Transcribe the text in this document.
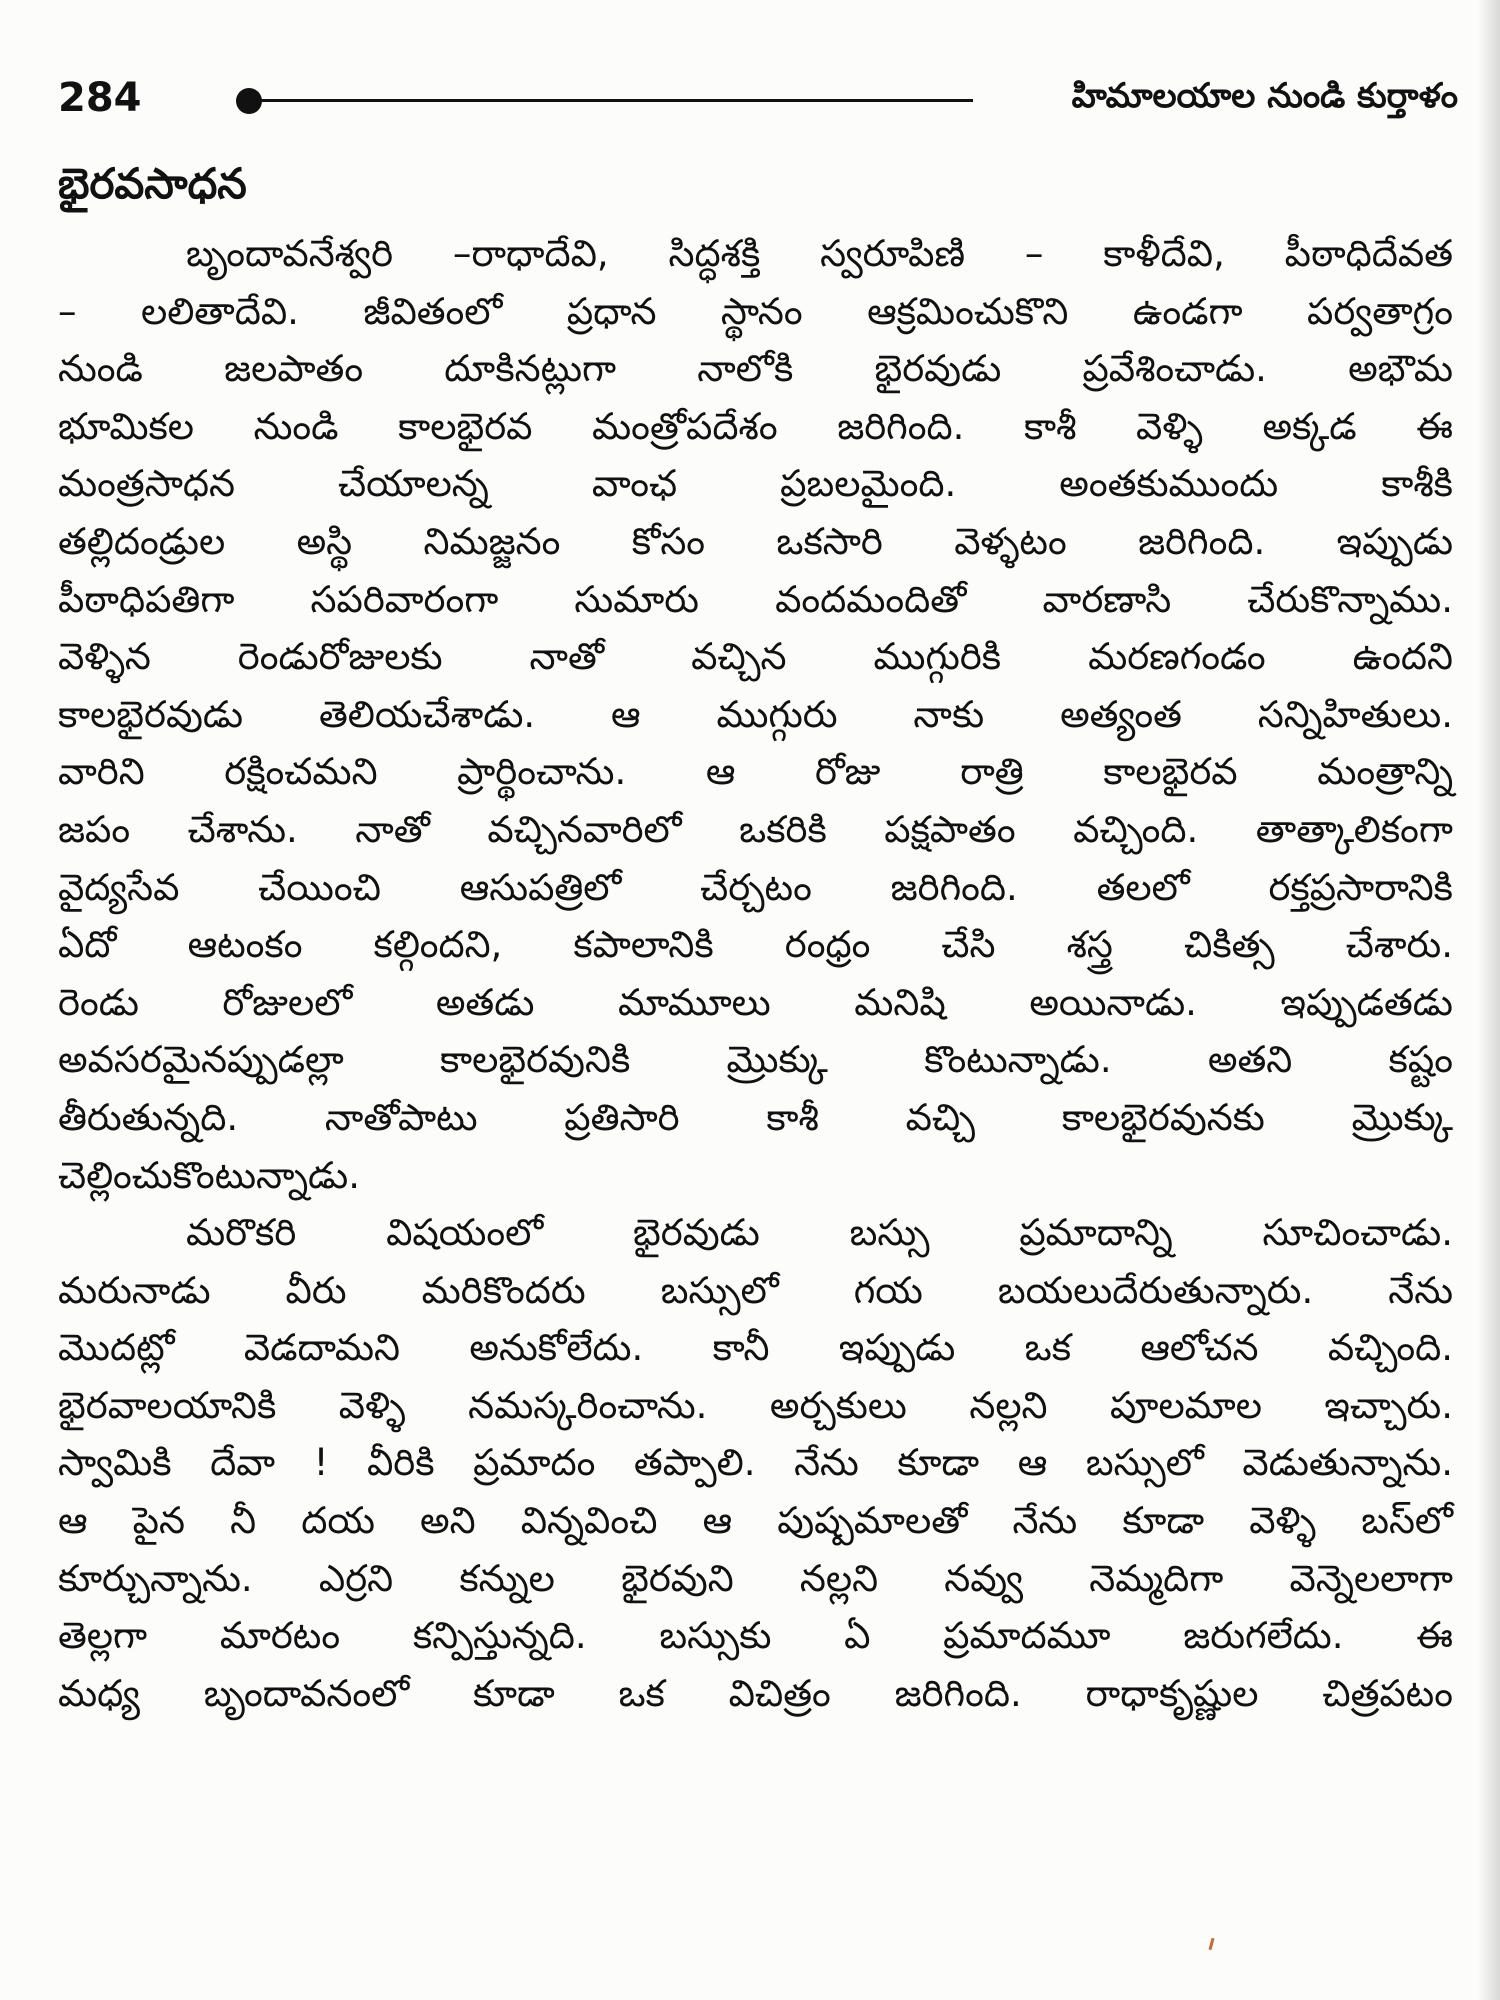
284	హిమాలయాల నుండి కుర్తాళం
భైరవసాధన
బృందావనేశ్వరి –రాధాదేవి, సిద్ధశక్తి స్వరూపిణి – కాళీదేవి, పీఠాధిదేవత
– లలితాదేవి. జీవితంలో ప్రధాన స్థానం ఆక్రమించుకొని ఉండగా పర్వతాగ్రం
నుండి జలపాతం దూకినట్లుగా నాలోకి భైరవుడు ప్రవేశించాడు. అభౌమ
భూమికల నుండి కాలభైరవ మంత్రోపదేశం జరిగింది. కాశీ వెళ్ళి అక్కడ ఈ
మంత్రసాధన చేయాలన్న వాంఛ ప్రబలమైంది. అంతకుముందు కాశీకి
తల్లిదండ్రుల అస్థి నిమజ్జనం కోసం ఒకసారి వెళ్ళటం జరిగింది. ఇప్పుడు
పీఠాధిపతిగా సపరివారంగా సుమారు వందమందితో వారణాసి చేరుకొన్నాము.
వెళ్ళిన రెండురోజులకు నాతో వచ్చిన ముగ్గురికి మరణగండం ఉందని
కాలభైరవుడు తెలియచేశాడు. ఆ ముగ్గురు నాకు అత్యంత సన్నిహితులు.
వారిని రక్షించమని ప్రార్థించాను. ఆ రోజు రాత్రి కాలభైరవ మంత్రాన్ని
జపం చేశాను. నాతో వచ్చినవారిలో ఒకరికి పక్షపాతం వచ్చింది. తాత్కాలికంగా
వైద్యసేవ చేయించి ఆసుపత్రిలో చేర్చటం జరిగింది. తలలో రక్తప్రసారానికి
ఏదో ఆటంకం కల్గిందని, కపాలానికి రంధ్రం చేసి శస్త్ర చికిత్స చేశారు.
రెండు రోజులలో అతడు మామూలు మనిషి అయినాడు. ఇప్పుడతడు
అవసరమైనప్పుడల్లా కాలభైరవునికి మ్రొక్కు కొంటున్నాడు. అతని కష్టం
తీరుతున్నది. నాతోపాటు ప్రతిసారి కాశీ వచ్చి కాలభైరవునకు మ్రొక్కు
చెల్లించుకొంటున్నాడు.
మరొకరి విషయంలో భైరవుడు బస్సు ప్రమాదాన్ని సూచించాడు.
మరునాడు వీరు మరికొందరు బస్సులో గయ బయలుదేరుతున్నారు. నేను
మొదట్లో వెడదామని అనుకోలేదు. కానీ ఇప్పుడు ఒక ఆలోచన వచ్చింది.
భైరవాలయానికి వెళ్ళి నమస్కరించాను. అర్చకులు నల్లని పూలమాల ఇచ్చారు.
స్వామికి దేవా ! వీరికి ప్రమాదం తప్పాలి. నేను కూడా ఆ బస్సులో వెడుతున్నాను.
ఆ పైన నీ దయ అని విన్నవించి ఆ పుష్పమాలతో నేను కూడా వెళ్ళి బస్‌లో
కూర్చున్నాను. ఎర్రని కన్నుల భైరవుని నల్లని నవ్వు నెమ్మదిగా వెన్నెలలాగా
తెల్లగా మారటం కన్పిస్తున్నది. బస్సుకు ఏ ప్రమాదమూ జరుగలేదు. ఈ
మధ్య బృందావనంలో కూడా ఒక విచిత్రం జరిగింది. రాధాకృష్ణుల చిత్రపటం
